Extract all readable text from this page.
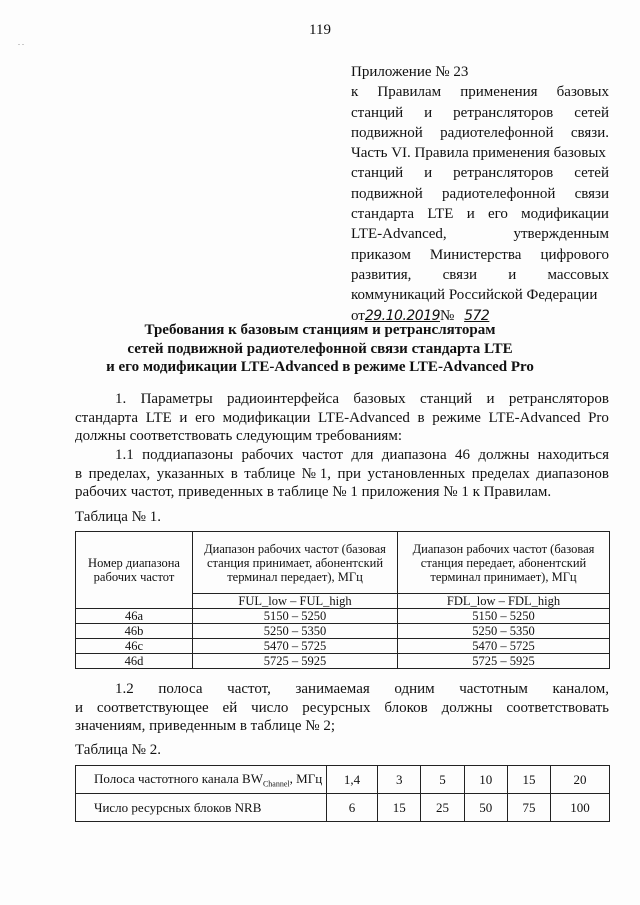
. .
119
Приложение № 23
к Правилам применения базовых
станций и ретрансляторов сетей
подвижной радиотелефонной связи.
Часть VI. Правила применения базовых
станций и ретрансляторов сетей
подвижной радиотелефонной связи
стандарта LTE и его модификации
LTE-Advanced,	утвержденным
приказом Министерства цифрового
развития, связи и массовых
коммуникаций Российской Федерации
от29.10.2019№ 572
Требования к базовым станциям и ретрансляторам
сетей подвижной радиотелефонной связи стандарта LTE
и его модификации LTE-Advanced в режиме LTE-Advanced Pro
1. Параметры радиоинтерфейса базовых станций и ретрансляторов
стандарта LTE и его модификации LTE-Advanced в режиме LTE-Advanced Pro
должны соответствовать следующим требованиям:
1.1 поддиапазоны рабочих частот для диапазона 46 должны находиться
в пределах, указанных в таблице № 1, при установленных пределах диапазонов
рабочих частот, приведенных в таблице № 1 приложения № 1 к Правилам.
Таблица № 1.
Номер диапазона рабочих частот	Диапазон рабочих частот (базовая станция принимает, абонентский терминал передает), МГц	Диапазон рабочих частот (базовая станция передает, абонентский терминал принимает), МГц
	FUL_low – FUL_high	FDL_low – FDL_high
46a	5150 – 5250	5150 – 5250
46b	5250 – 5350	5250 – 5350
46c	5470 – 5725	5470 – 5725
46d	5725 – 5925	5725 – 5925
1.2 полоса частот, занимаемая одним частотным каналом,
и соответствующее ей число ресурсных блоков должны соответствовать
значениям, приведенным в таблице № 2;
Таблица № 2.
Полоса частотного канала $BW_{Channel}$, МГц	1,4	3	5	10	15	20
Число ресурсных блоков NRB	6	15	25	50	75	100
